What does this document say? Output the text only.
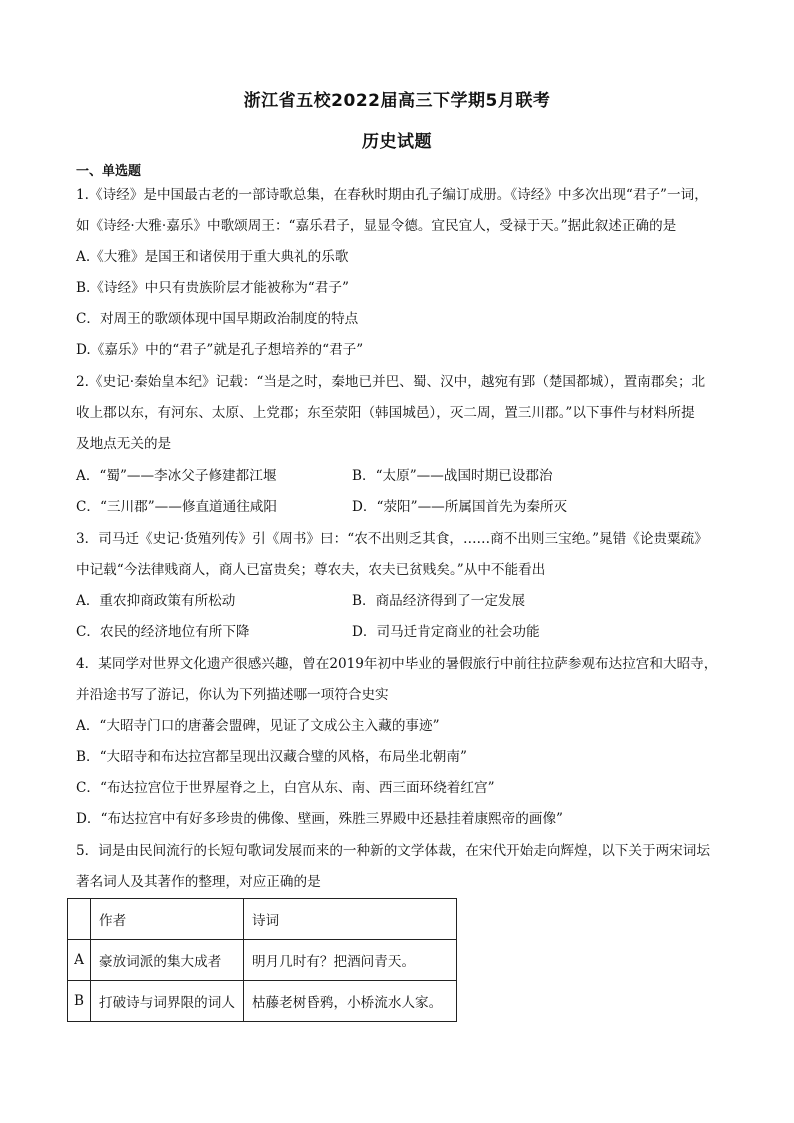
浙江省五校2022届高三下学期5月联考
历史试题
一、单选题
1.《诗经》是中国最古老的一部诗歌总集，在春秋时期由孔子编订成册。《诗经》中多次出现“君子”一词，
如《诗经·大雅·嘉乐》中歌颂周王：“嘉乐君子，显显令德。宜民宜人，受禄于天。”据此叙述正确的是
A.《大雅》是国王和诸侯用于重大典礼的乐歌
B.《诗经》中只有贵族阶层才能被称为“君子”
C．对周王的歌颂体现中国早期政治制度的特点
D.《嘉乐》中的“君子”就是孔子想培养的“君子”
2.《史记·秦始皇本纪》记载：“当是之时，秦地已并巴、蜀、汉中，越宛有郢（楚国都城），置南郡矣；北
收上郡以东，有河东、太原、上党郡；东至荥阳（韩国城邑），灭二周，置三川郡。”以下事件与材料所提
及地点无关的是
A．“蜀”——李冰父子修建都江堰	B．“太原”——战国时期已设郡治
C．“三川郡”——修直道通往咸阳	D．“荥阳”——所属国首先为秦所灭
3．司马迁《史记·货殖列传》引《周书》曰：“农不出则乏其食，……商不出则三宝绝。”晁错《论贵粟疏》
中记载“今法律贱商人，商人已富贵矣；尊农夫，农夫已贫贱矣。”从中不能看出
A．重农抑商政策有所松动	B．商品经济得到了一定发展
C．农民的经济地位有所下降	D．司马迁肯定商业的社会功能
4．某同学对世界文化遗产很感兴趣，曾在2019年初中毕业的暑假旅行中前往拉萨参观布达拉宫和大昭寺，
并沿途书写了游记，你认为下列描述哪一项符合史实
A．“大昭寺门口的唐蕃会盟碑，见证了文成公主入藏的事迹”
B．“大昭寺和布达拉宫都呈现出汉藏合璧的风格，布局坐北朝南”
C．“布达拉宫位于世界屋脊之上，白宫从东、南、西三面环绕着红宫”
D．“布达拉宫中有好多珍贵的佛像、壁画，殊胜三界殿中还悬挂着康熙帝的画像”
5．词是由民间流行的长短句歌词发展而来的一种新的文学体裁，在宋代开始走向辉煌，以下关于两宋词坛
著名词人及其著作的整理，对应正确的是
	作者	诗词
A	豪放词派的集大成者	明月几时有？把酒问青天。
B	打破诗与词界限的词人	枯藤老树昏鸦，小桥流水人家。
